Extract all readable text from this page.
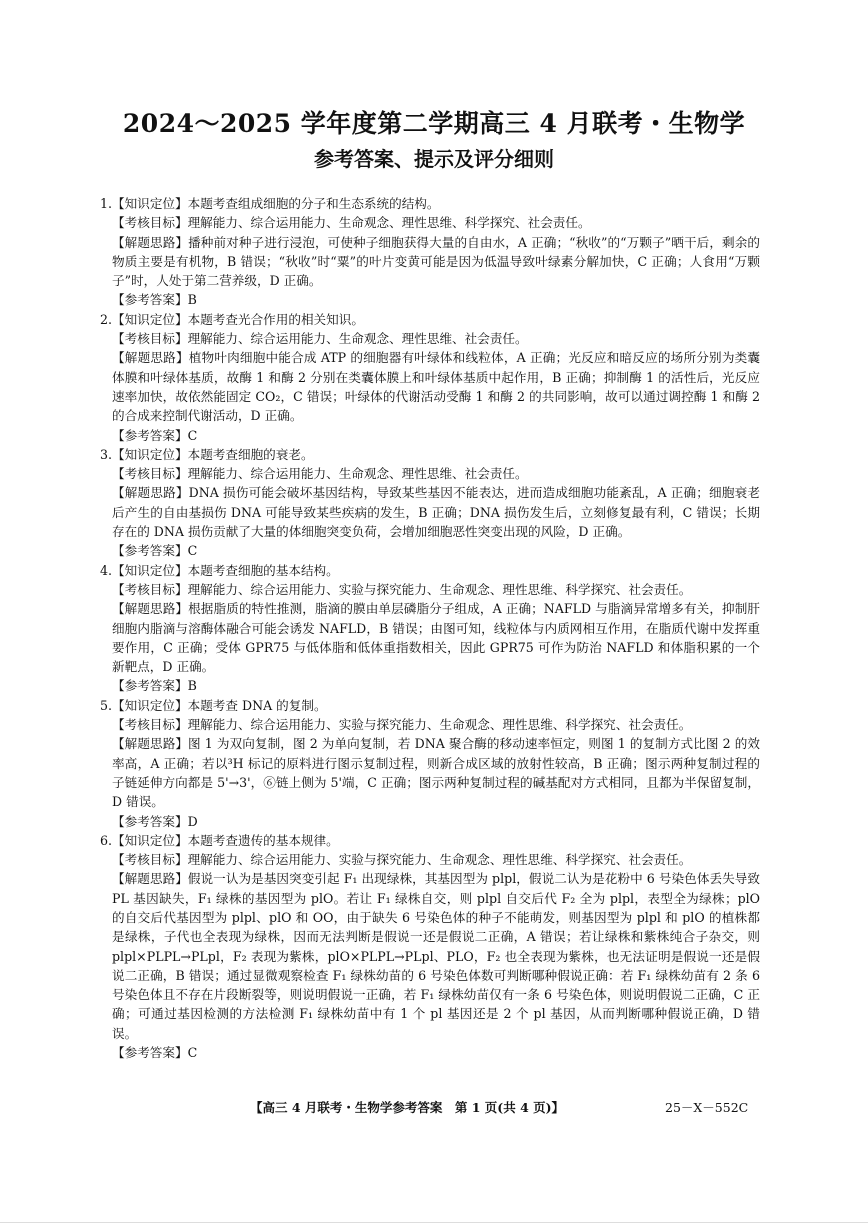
2024～2025 学年度第二学期高三 4 月联考・生物学
参考答案、提示及评分细则

1.【知识定位】本题考查组成细胞的分子和生态系统的结构。

【考核目标】理解能力、综合运用能力、生命观念、理性思维、科学探究、社会责任。

【解题思路】播种前对种子进行浸泡，可使种子细胞获得大量的自由水，A 正确；“秋收”的“万颗子”晒干后，剩余的物质主要是有机物，B 错误；“秋收”时“粟”的叶片变黄可能是因为低温导致叶绿素分解加快，C 正确；人食用“万颗子”时，人处于第二营养级，D 正确。

【参考答案】B

2.【知识定位】本题考查光合作用的相关知识。

【考核目标】理解能力、综合运用能力、生命观念、理性思维、社会责任。

【解题思路】植物叶肉细胞中能合成 ATP 的细胞器有叶绿体和线粒体，A 正确；光反应和暗反应的场所分别为类囊体膜和叶绿体基质，故酶 1 和酶 2 分别在类囊体膜上和叶绿体基质中起作用，B 正确；抑制酶 1 的活性后，光反应速率加快，故依然能固定 CO₂，C 错误；叶绿体的代谢活动受酶 1 和酶 2 的共同影响，故可以通过调控酶 1 和酶 2 的合成来控制代谢活动，D 正确。

【参考答案】C

3.【知识定位】本题考查细胞的衰老。

【考核目标】理解能力、综合运用能力、生命观念、理性思维、社会责任。

【解题思路】DNA 损伤可能会破坏基因结构，导致某些基因不能表达，进而造成细胞功能紊乱，A 正确；细胞衰老后产生的自由基损伤 DNA 可能导致某些疾病的发生，B 正确；DNA 损伤发生后，立刻修复最有利，C 错误；长期存在的 DNA 损伤贡献了大量的体细胞突变负荷，会增加细胞恶性突变出现的风险，D 正确。

【参考答案】C

4.【知识定位】本题考查细胞的基本结构。

【考核目标】理解能力、综合运用能力、实验与探究能力、生命观念、理性思维、科学探究、社会责任。

【解题思路】根据脂质的特性推测，脂滴的膜由单层磷脂分子组成，A 正确；NAFLD 与脂滴异常增多有关，抑制肝细胞内脂滴与溶酶体融合可能会诱发 NAFLD，B 错误；由图可知，线粒体与内质网相互作用，在脂质代谢中发挥重要作用，C 正确；受体 GPR75 与低体脂和低体重指数相关，因此 GPR75 可作为防治 NAFLD 和体脂积累的一个新靶点，D 正确。

【参考答案】B

5.【知识定位】本题考查 DNA 的复制。

【考核目标】理解能力、综合运用能力、实验与探究能力、生命观念、理性思维、科学探究、社会责任。

【解题思路】图 1 为双向复制，图 2 为单向复制，若 DNA 聚合酶的移动速率恒定，则图 1 的复制方式比图 2 的效率高，A 正确；若以³H 标记的原料进行图示复制过程，则新合成区域的放射性较高，B 正确；图示两种复制过程的子链延伸方向都是 5'→3'，⑥链上侧为 5'端，C 正确；图示两种复制过程的碱基配对方式相同，且都为半保留复制，D 错误。

【参考答案】D

6.【知识定位】本题考查遗传的基本规律。

【考核目标】理解能力、综合运用能力、实验与探究能力、生命观念、理性思维、科学探究、社会责任。

【解题思路】假说一认为是基因突变引起 F₁ 出现绿株，其基因型为 plpl，假说二认为是花粉中 6 号染色体丢失导致 PL 基因缺失，F₁ 绿株的基因型为 plO。若让 F₁ 绿株自交，则 plpl 自交后代 F₂ 全为 plpl，表型全为绿株；plO 的自交后代基因型为 plpl、plO 和 OO，由于缺失 6 号染色体的种子不能萌发，则基因型为 plpl 和 plO 的植株都是绿株，子代也全表现为绿株，因而无法判断是假说一还是假说二正确，A 错误；若让绿株和紫株纯合子杂交，则 plpl×PLPL→PLpl，F₂ 表现为紫株，plO×PLPL→PLpl、PLO，F₂ 也全表现为紫株，也无法证明是假说一还是假说二正确，B 错误；通过显微观察检查 F₁ 绿株幼苗的 6 号染色体数可判断哪种假说正确：若 F₁ 绿株幼苗有 2 条 6 号染色体且不存在片段断裂等，则说明假说一正确，若 F₁ 绿株幼苗仅有一条 6 号染色体，则说明假说二正确，C 正确；可通过基因检测的方法检测 F₁ 绿株幼苗中有 1 个 pl 基因还是 2 个 pl 基因，从而判断哪种假说正确，D 错误。

【参考答案】C

【高三 4 月联考・生物学参考答案　第 1 页(共 4 页)】	25－X－552C
